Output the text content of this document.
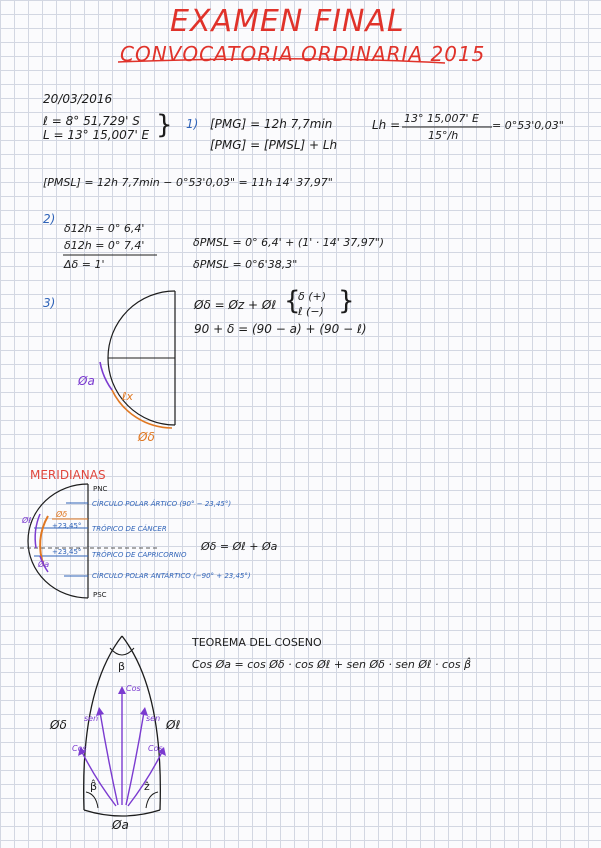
EXAMEN FINAL
CONVOCATORIA ORDINARIA 2015
20/03/2016
ℓ = 8° 51,729' S
L = 13° 15,007' E } 1) [PMG] = 12h 7,7min
[PMG] = [PMSL] + Lh
Lh = 13° 15,007' E
15°/h
= 0°53'0,03"
[PMSL] = 12h 7,7min − 0°53'0,03" = 11h 14' 37,97"
2)
δ12h = 0° 6,4'
δ12h = 0° 7,4'
Δδ = 1'
δPMSL = 0° 6,4' + (1' · 14' 37,97")
δPMSL = 0°6'38,3"
3)
Øa
ℓx
Øδ
Øδ = Øz + Øℓ {
δ (+)
ℓ (−) }
90 + δ = (90 − a) + (90 − ℓ)
MERIDIANAS
PNC
CÍRCULO POLAR ÁRTICO (90° − 23,45°)
Øδ
+23,45° TRÓPICO DE CÁNCER
Øℓ
+23,45° TRÓPICO DE CAPRICORNIO
Øa
CÍRCULO POLAR ANTÁRTICO (−90° + 23,45°)
PSC
Øδ = Øℓ + Øa
TEOREMA DEL COSENO
Cos Øa = cos Øδ · cos Øℓ + sen Øδ · sen Øℓ · cos β̂
β
Cos
sen	sen
Cos	Cos
Øδ	Øℓ
β̂	ẑ
Øa
